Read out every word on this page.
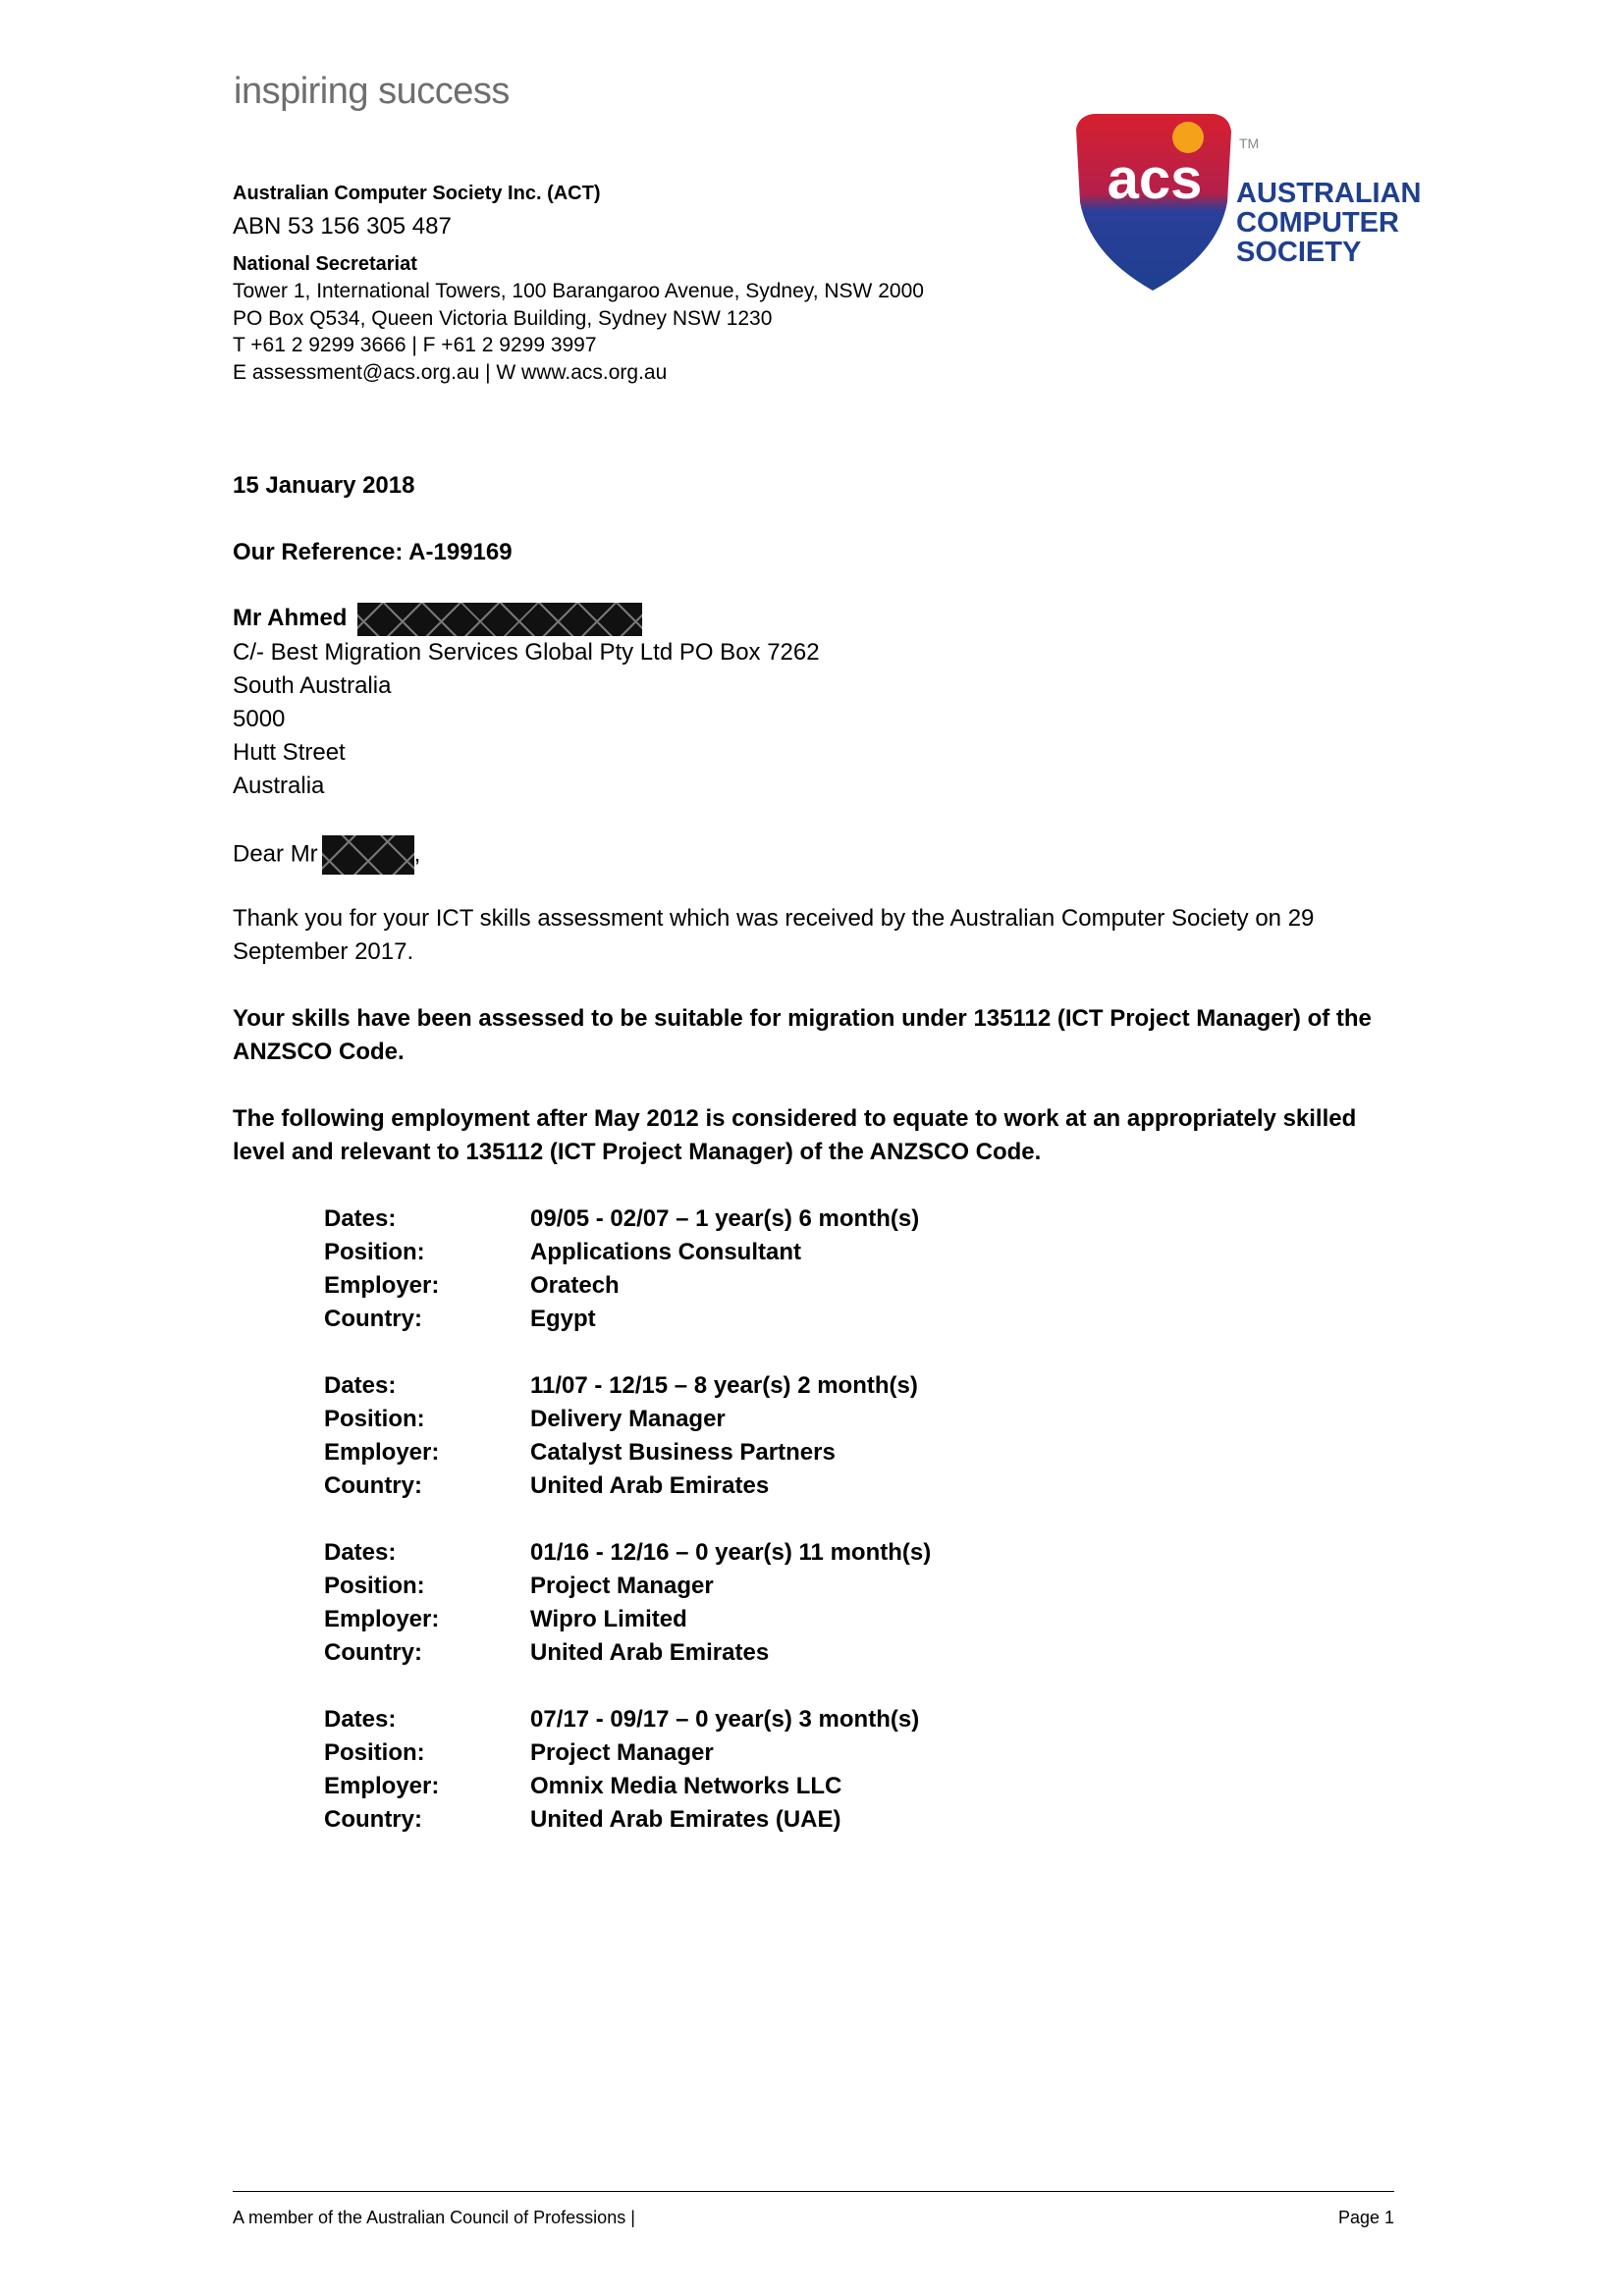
inspiring success
acs
TM
AUSTRALIAN
COMPUTER
SOCIETY
Australian Computer Society Inc. (ACT)
ABN 53 156 305 487
National Secretariat
Tower 1, International Towers, 100 Barangaroo Avenue, Sydney, NSW 2000
PO Box Q534, Queen Victoria Building, Sydney NSW 1230
T +61 2 9299 3666 | F +61 2 9299 3997
E assessment@acs.org.au | W www.acs.org.au
15 January 2018
Our Reference: A-199169
Mr Ahmed
C/- Best Migration Services Global Pty Ltd PO Box 7262
South Australia
5000
Hutt Street
Australia
Dear Mr	,
Thank you for your ICT skills assessment which was received by the Australian Computer Society on 29 September 2017.
Your skills have been assessed to be suitable for migration under 135112 (ICT Project Manager) of the ANZSCO Code.
The following employment after May 2012 is considered to equate to work at an appropriately skilled level and relevant to 135112 (ICT Project Manager) of the ANZSCO Code.
Dates:	09/05 - 02/07 – 1 year(s) 6 month(s)
Position:	Applications Consultant
Employer:	Oratech
Country:	Egypt
Dates:	11/07 - 12/15 – 8 year(s) 2 month(s)
Position:	Delivery Manager
Employer:	Catalyst Business Partners
Country:	United Arab Emirates
Dates:	01/16 - 12/16 – 0 year(s) 11 month(s)
Position:	Project Manager
Employer:	Wipro Limited
Country:	United Arab Emirates
Dates:	07/17 - 09/17 – 0 year(s) 3 month(s)
Position:	Project Manager
Employer:	Omnix Media Networks LLC
Country:	United Arab Emirates (UAE)
A member of the Australian Council of Professions |	Page 1
